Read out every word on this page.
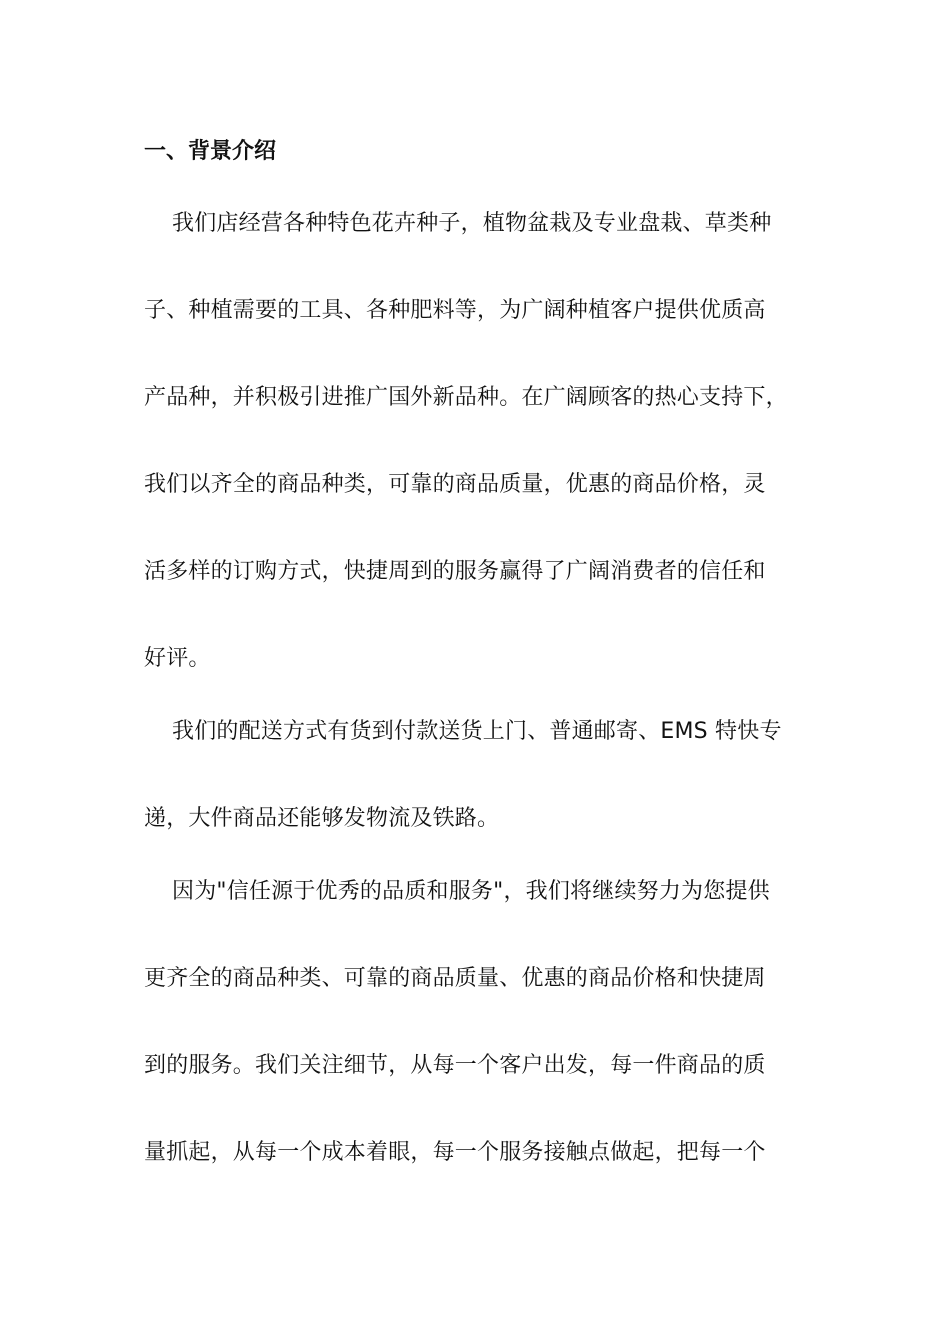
一、背景介绍
我们店经营各种特色花卉种子，植物盆栽及专业盘栽、草类种
子、种植需要的工具、各种肥料等，为广阔种植客户提供优质高
产品种，并积极引进推广国外新品种。在广阔顾客的热心支持下，
我们以齐全的商品种类，可靠的商品质量，优惠的商品价格，灵
活多样的订购方式，快捷周到的服务赢得了广阔消费者的信任和
好评。
我们的配送方式有货到付款送货上门、普通邮寄、EMS 特快专
递，大件商品还能够发物流及铁路。
因为"信任源于优秀的品质和服务"，我们将继续努力为您提供
更齐全的商品种类、可靠的商品质量、优惠的商品价格和快捷周
到的服务。我们关注细节，从每一个客户出发，每一件商品的质
量抓起，从每一个成本着眼，每一个服务接触点做起，把每一个
